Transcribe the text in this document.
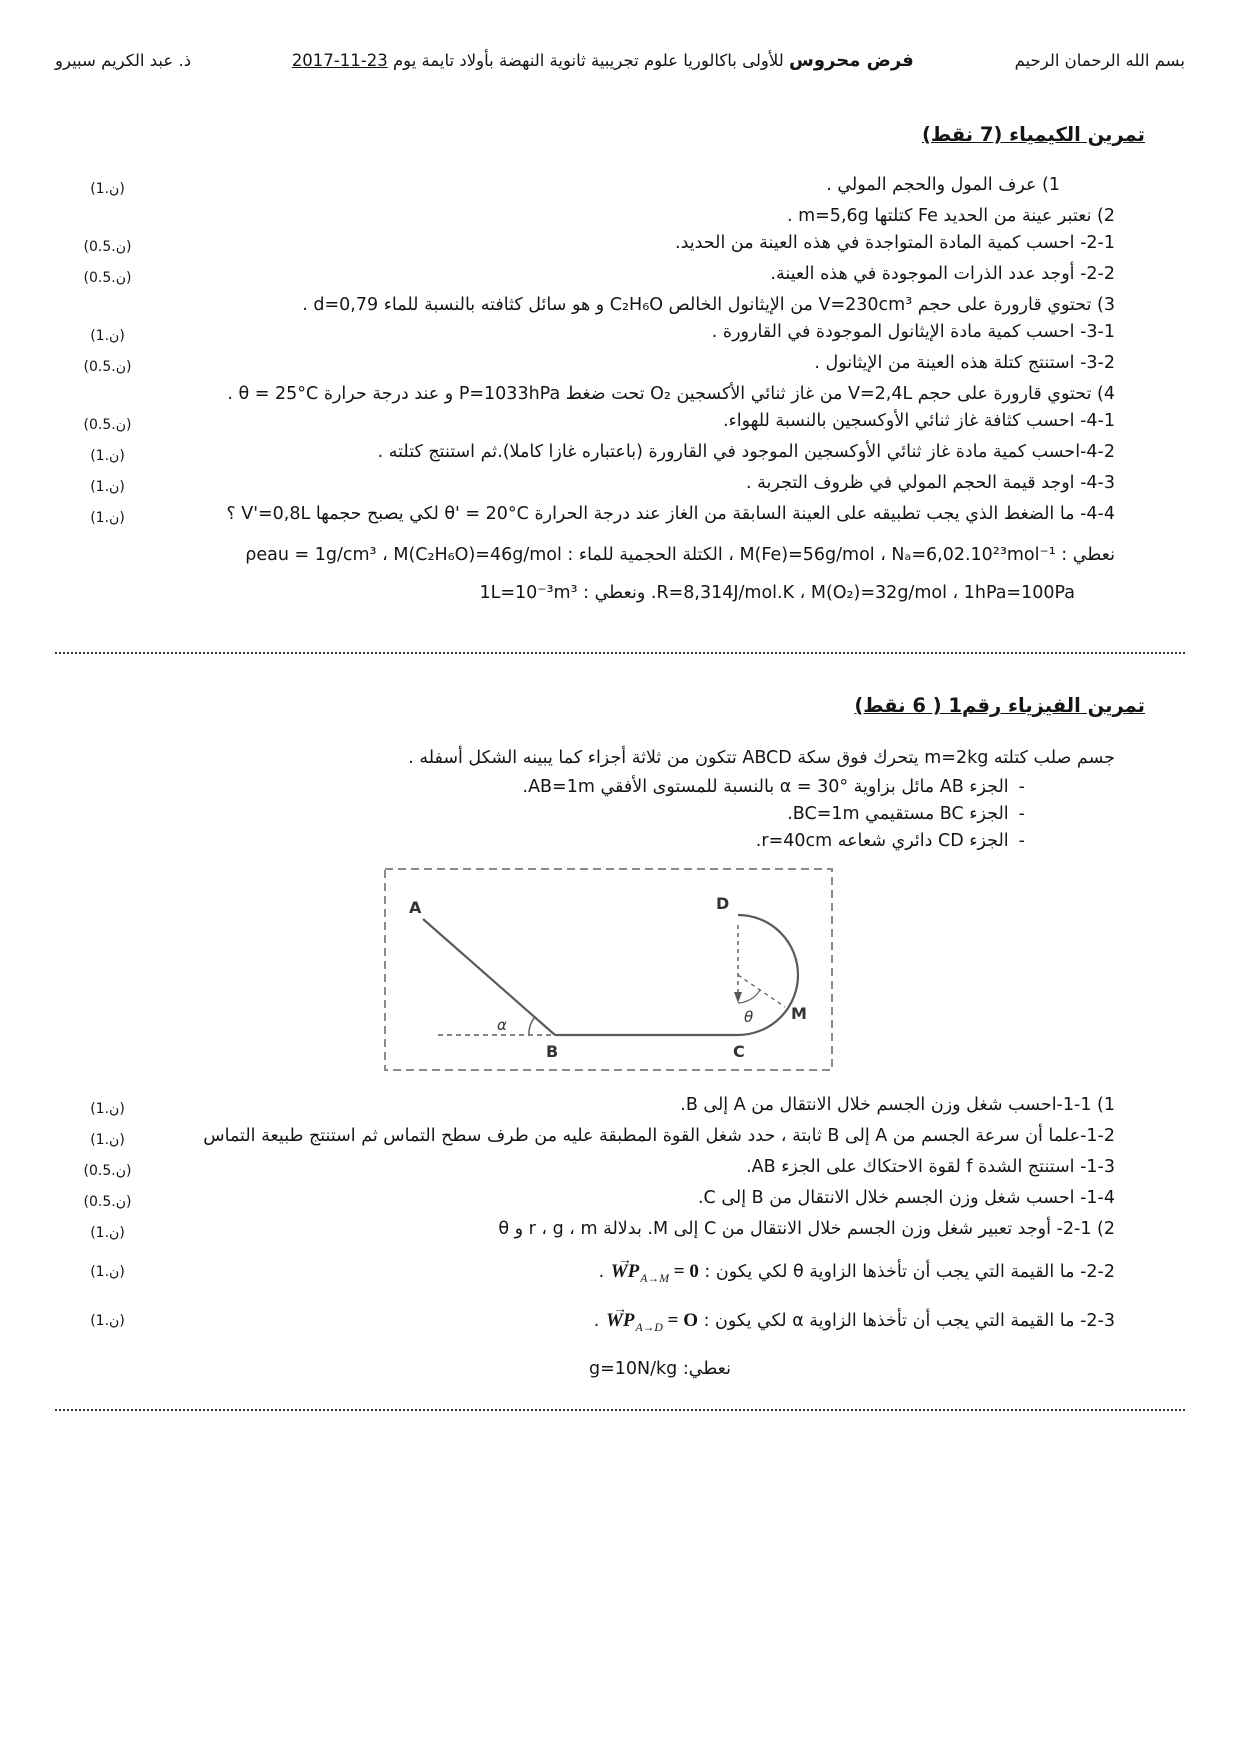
بسم الله الرحمان الرحيم
فرض محروس للأولى باكالوريا علوم تجريبية ثانوية النهضة بأولاد تايمة يوم 2017-11-23
ذ. عبد الكريم سبيرو
تمرين الكيمياء (7 نقط)
1) عرف المول والحجم المولي .
(ن.1)
2) نعتبر عينة من الحديد Fe كتلتها m=5,6g .
2-1- احسب كمية المادة المتواجدة في هذه العينة من الحديد.
(ن.0.5)
2-2- أوجد عدد الذرات الموجودة في هذه العينة.
(ن.0.5)
3) تحتوي قارورة على حجم V=230cm³ من الإيثانول الخالص C₂H₆O و هو سائل كثافته بالنسبة للماء d=0,79 .
3-1- احسب كمية مادة الإيثانول الموجودة في القارورة .
(ن.1)
3-2- استنتج كتلة هذه العينة من الإيثانول .
(ن.0.5)
4) تحتوي قارورة على حجم V=2,4L من غاز ثنائي الأكسجين O₂ تحت ضغط P=1033hPa و عند درجة حرارة θ = 25°C .
4-1- احسب كثافة غاز ثنائي الأوكسجين بالنسبة للهواء.
(ن.0.5)
4-2-احسب كمية مادة غاز ثنائي الأوكسجين الموجود في القارورة (باعتباره غازا كاملا).ثم استنتج كتلته .
(ن.1)
4-3- اوجد قيمة الحجم المولي في ظروف التجربة .
(ن.1)
4-4- ما الضغط الذي يجب تطبيقه على العينة السابقة من الغاز عند درجة الحرارة θ' = 20°C لكي يصبح حجمها V'=0,8L ؟
(ن.1)
نعطي : M(Fe)=56g/mol ، Nₐ=6,02.10²³mol⁻¹ ، الكتلة الحجمية للماء : ρeau = 1g/cm³ ، M(C₂H₆O)=46g/mol
R=8,314J/mol.K ، M(O₂)=32g/mol ، 1hPa=100Pa. ونعطي : 1L=10⁻³m³
تمرين الفيزياء رقم1 ( 6 نقط)
جسم صلب كتلته m=2kg يتحرك فوق سكة ABCD تتكون من ثلاثة أجزاء كما يبينه الشكل أسفله .
-
الجزء AB مائل بزاوية α = 30° بالنسبة للمستوى الأفقي AB=1m.
-
الجزء BC مستقيمي BC=1m.
-
الجزء CD دائري شعاعه r=40cm.
A
α
B	C
D
θ M
1) 1-1-احسب شغل وزن الجسم خلال الانتقال من A إلى B.
(ن.1)
1-2-علما أن سرعة الجسم من A إلى B ثابتة ، حدد شغل القوة المطبقة عليه من طرف سطح التماس ثم استنتج طبيعة التماس
(ن.1)
1-3- استنتج الشدة f لقوة الاحتكاك على الجزء AB.
(ن.0.5)
1-4- احسب شغل وزن الجسم خلال الانتقال من B إلى C.
(ن.0.5)
2) 2-1- أوجد تعبير شغل وزن الجسم خلال الانتقال من C إلى M. بدلالة r ، g ، m و θ
(ن.1)
2-2- ما القيمة التي يجب أن تأخذها الزاوية θ لكي يكون : WP $\to_{A\to M} = 0$ .
(ن.1)
2-3- ما القيمة التي يجب أن تأخذها الزاوية α لكي يكون : WP $\to_{A\to D} = O$ .
(ن.1)
نعطي: g=10N/kg
